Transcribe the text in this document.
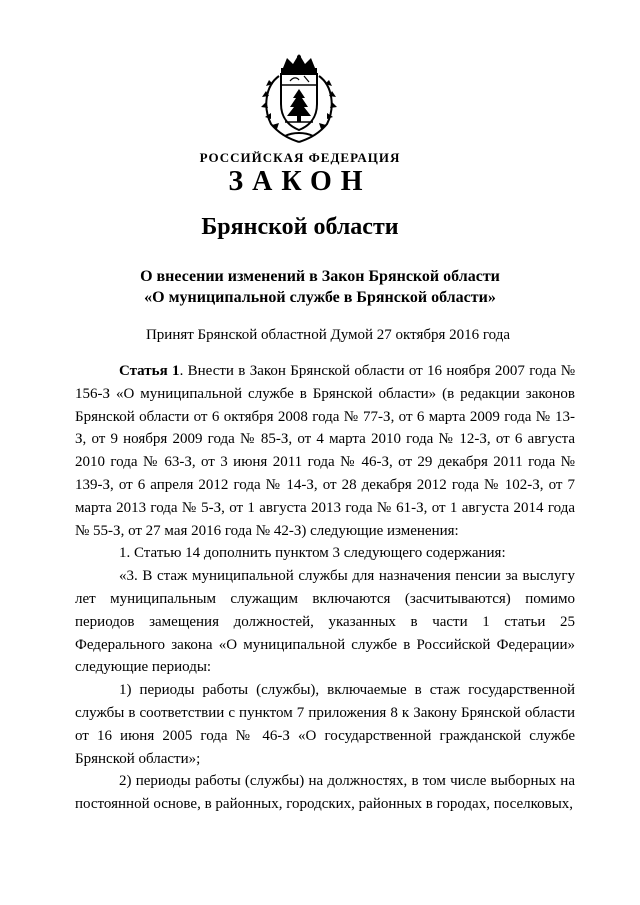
РОССИЙСКАЯ ФЕДЕРАЦИЯ
ЗАКОН
Брянской области
О внесении изменений в Закон Брянской области
«О муниципальной службе в Брянской области»
Принят Брянской областной Думой 27 октября 2016 года

Статья 1. Внести в Закон Брянской области от 16 ноября 2007 года № 156-З «О муниципальной службе в Брянской области» (в редакции законов Брянской области от 6 октября 2008 года № 77-З, от 6 марта 2009 года № 13-З, от 9 ноября 2009 года № 85-З, от 4 марта 2010 года № 12-З, от 6 августа 2010 года № 63-З, от 3 июня 2011 года № 46-З, от 29 декабря 2011 года № 139-З, от 6 апреля 2012 года № 14-З, от 28 декабря 2012 года № 102-З, от 7 марта 2013 года № 5-З, от 1 августа 2013 года № 61-З, от 1 августа 2014 года № 55-З, от 27 мая 2016 года № 42-З) следующие изменения:

1. Статью 14 дополнить пунктом 3 следующего содержания:

«3. В стаж муниципальной службы для назначения пенсии за выслугу лет муниципальным служащим включаются (засчитываются) помимо периодов замещения должностей, указанных в части 1 статьи 25 Федерального закона «О муниципальной службе в Российской Федерации» следующие периоды:

1) периоды работы (службы), включаемые в стаж государственной службы в соответствии с пунктом 7 приложения 8 к Закону Брянской области от 16 июня 2005 года № 46-З «О государственной гражданской службе Брянской области»;

2) периоды работы (службы) на должностях, в том числе выборных на постоянной основе, в районных, городских, районных в городах, поселковых,
